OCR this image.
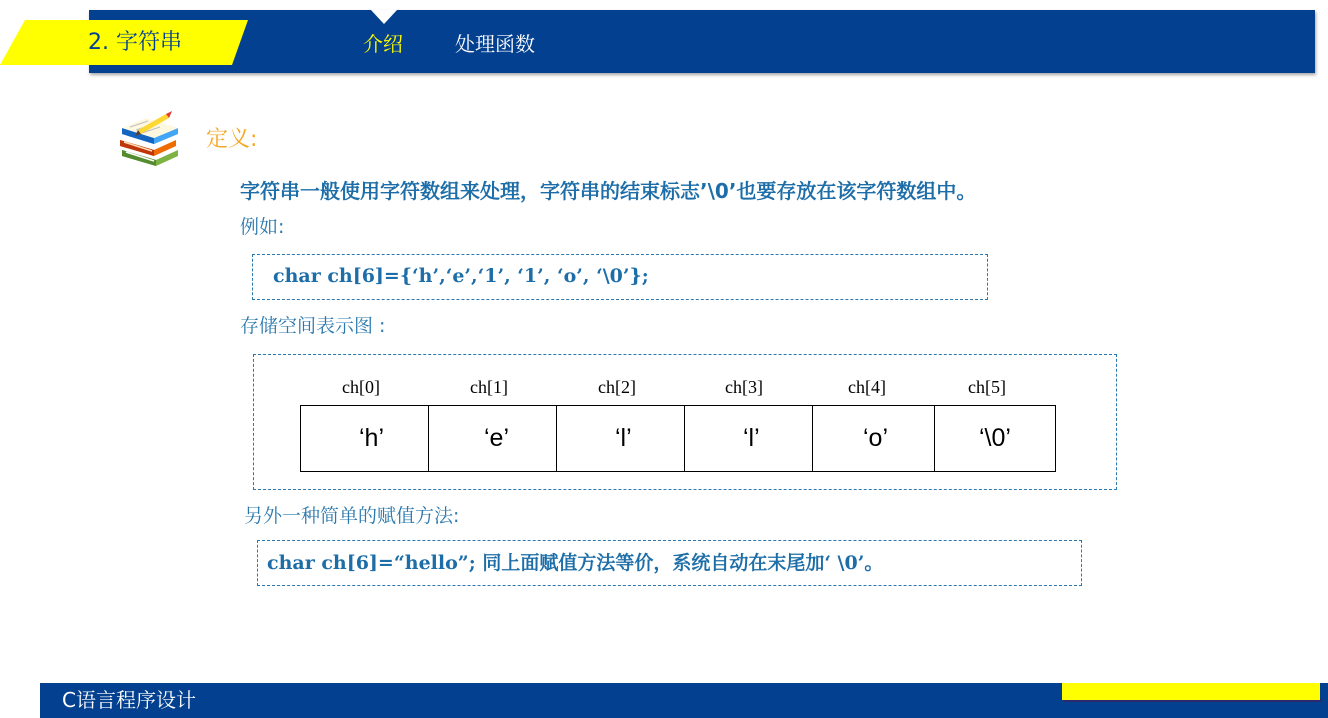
2. 字符串	介绍	处理函数
定义:
字符串一般使用字符数组来处理，字符串的结束标志’\0’也要存放在该字符数组中。
例如:
char ch[6]={‘h’,‘e’,‘1’, ‘1’, ‘o’, ‘\0’};
存储空间表示图 :
ch[0]	ch[1]	ch[2]	ch[3]	ch[4]	ch[5]
‘h’	‘e’	‘l’	‘l’	‘o’	‘\0’
另外一种简单的赋值方法:
char ch[6]=“hello”; 同上面赋值方法等价，系统自动在末尾加‘ \0’。
C语言程序设计
